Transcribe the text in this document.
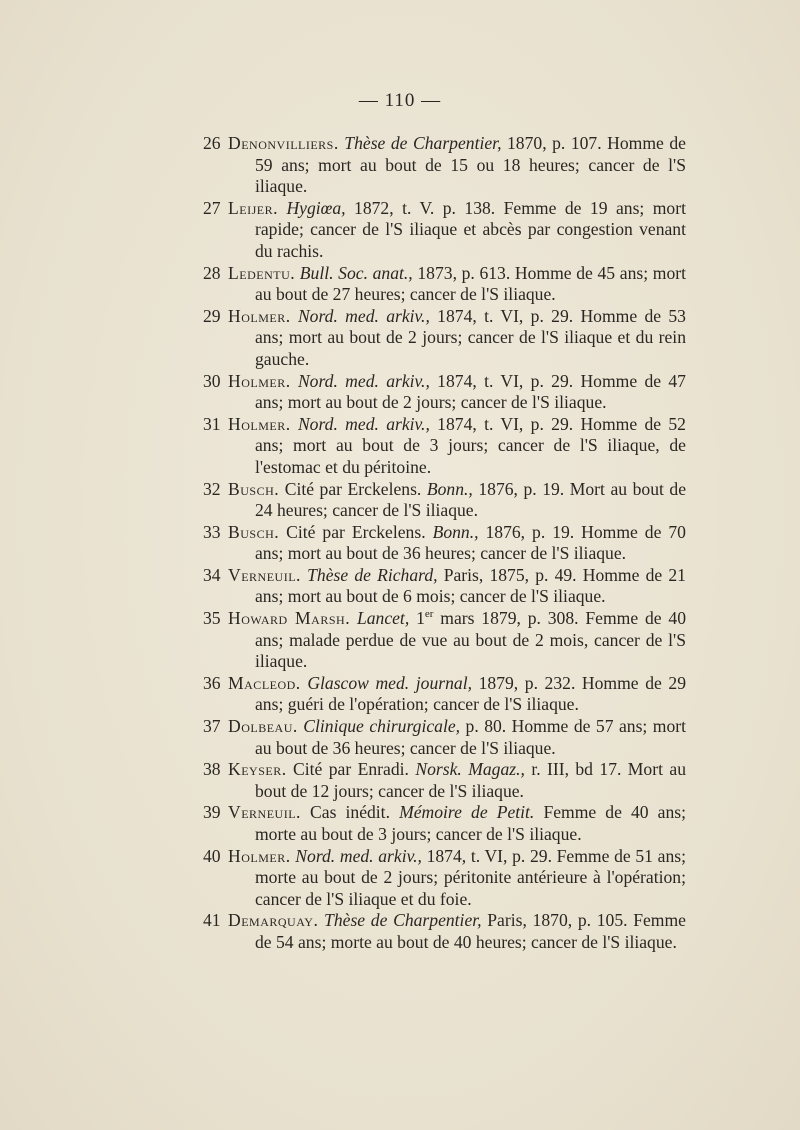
— 110 —
26 Denonvilliers. Thèse de Charpentier, 1870, p. 107. Homme de 59 ans; mort au bout de 15 ou 18 heures; cancer de l'S iliaque.
27 Leijer. Hygiœa, 1872, t. V. p. 138. Femme de 19 ans; mort rapide; cancer de l'S iliaque et abcès par congestion venant du rachis.
28 Ledentu. Bull. Soc. anat., 1873, p. 613. Homme de 45 ans; mort au bout de 27 heures; cancer de l'S iliaque.
29 Holmer. Nord. med. arkiv., 1874, t. VI, p. 29. Homme de 53 ans; mort au bout de 2 jours; cancer de l'S iliaque et du rein gauche.
30 Holmer. Nord. med. arkiv., 1874, t. VI, p. 29. Homme de 47 ans; mort au bout de 2 jours; cancer de l'S iliaque.
31 Holmer. Nord. med. arkiv., 1874, t. VI, p. 29. Homme de 52 ans; mort au bout de 3 jours; cancer de l'S iliaque, de l'estomac et du péritoine.
32 Busch. Cité par Erckelens. Bonn., 1876, p. 19. Mort au bout de 24 heures; cancer de l'S iliaque.
33 Busch. Cité par Erckelens. Bonn., 1876, p. 19. Homme de 70 ans; mort au bout de 36 heures; cancer de l'S iliaque.
34 Verneuil. Thèse de Richard, Paris, 1875, p. 49. Homme de 21 ans; mort au bout de 6 mois; cancer de l'S iliaque.
35 Howard Marsh. Lancet, 1er mars 1879, p. 308. Femme de 40 ans; malade perdue de vue au bout de 2 mois, cancer de l'S iliaque.
36 Macleod. Glascow med. journal, 1879, p. 232. Homme de 29 ans; guéri de l'opération; cancer de l'S iliaque.
37 Dolbeau. Clinique chirurgicale, p. 80. Homme de 57 ans; mort au bout de 36 heures; cancer de l'S iliaque.
38 Keyser. Cité par Enradi. Norsk. Magaz., r. III, bd 17. Mort au bout de 12 jours; cancer de l'S iliaque.
39 Verneuil. Cas inédit. Mémoire de Petit. Femme de 40 ans; morte au bout de 3 jours; cancer de l'S iliaque.
40 Holmer. Nord. med. arkiv., 1874, t. VI, p. 29. Femme de 51 ans; morte au bout de 2 jours; péritonite antérieure à l'opération; cancer de l'S iliaque et du foie.
41 Demarquay. Thèse de Charpentier, Paris, 1870, p. 105. Femme de 54 ans; morte au bout de 40 heures; cancer de l'S iliaque.
